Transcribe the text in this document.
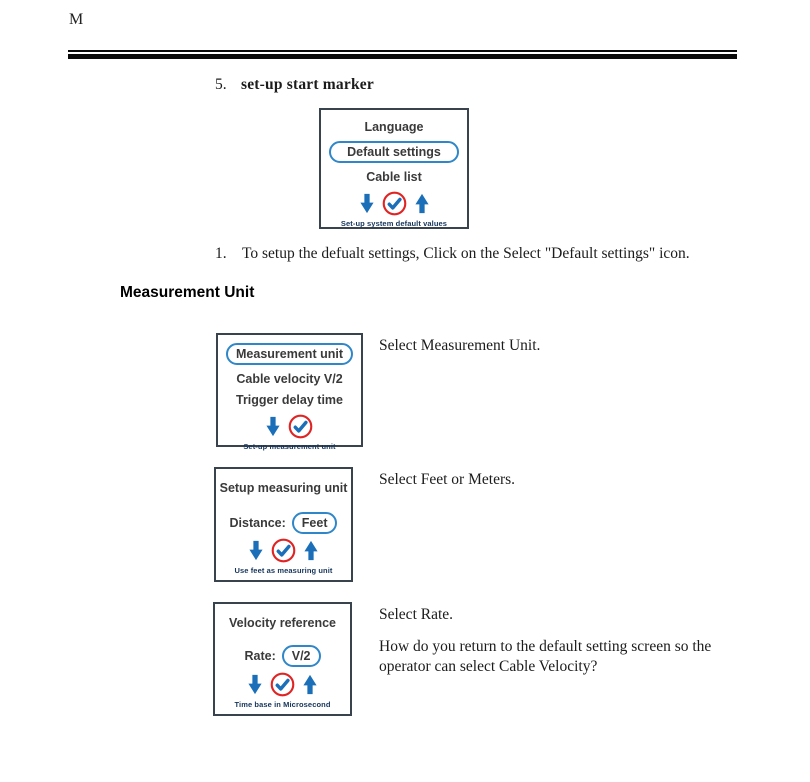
M
5. set-up start marker
Language
Default settings
Cable list
Set-up system default values
1. To setup the defualt settings, Click on the Select "Default settings" icon.
Measurement Unit
Measurement unit
Cable velocity V/2
Trigger delay time
Set-up measurement unit
Select Measurement Unit.
Setup measuring unit
Distance:	Feet
Use feet as measuring unit
Select Feet or Meters.
Velocity reference
Rate:	V/2
Time base in Microsecond
Select Rate.
How do you return to the default setting screen so the operator can select Cable Velocity?
